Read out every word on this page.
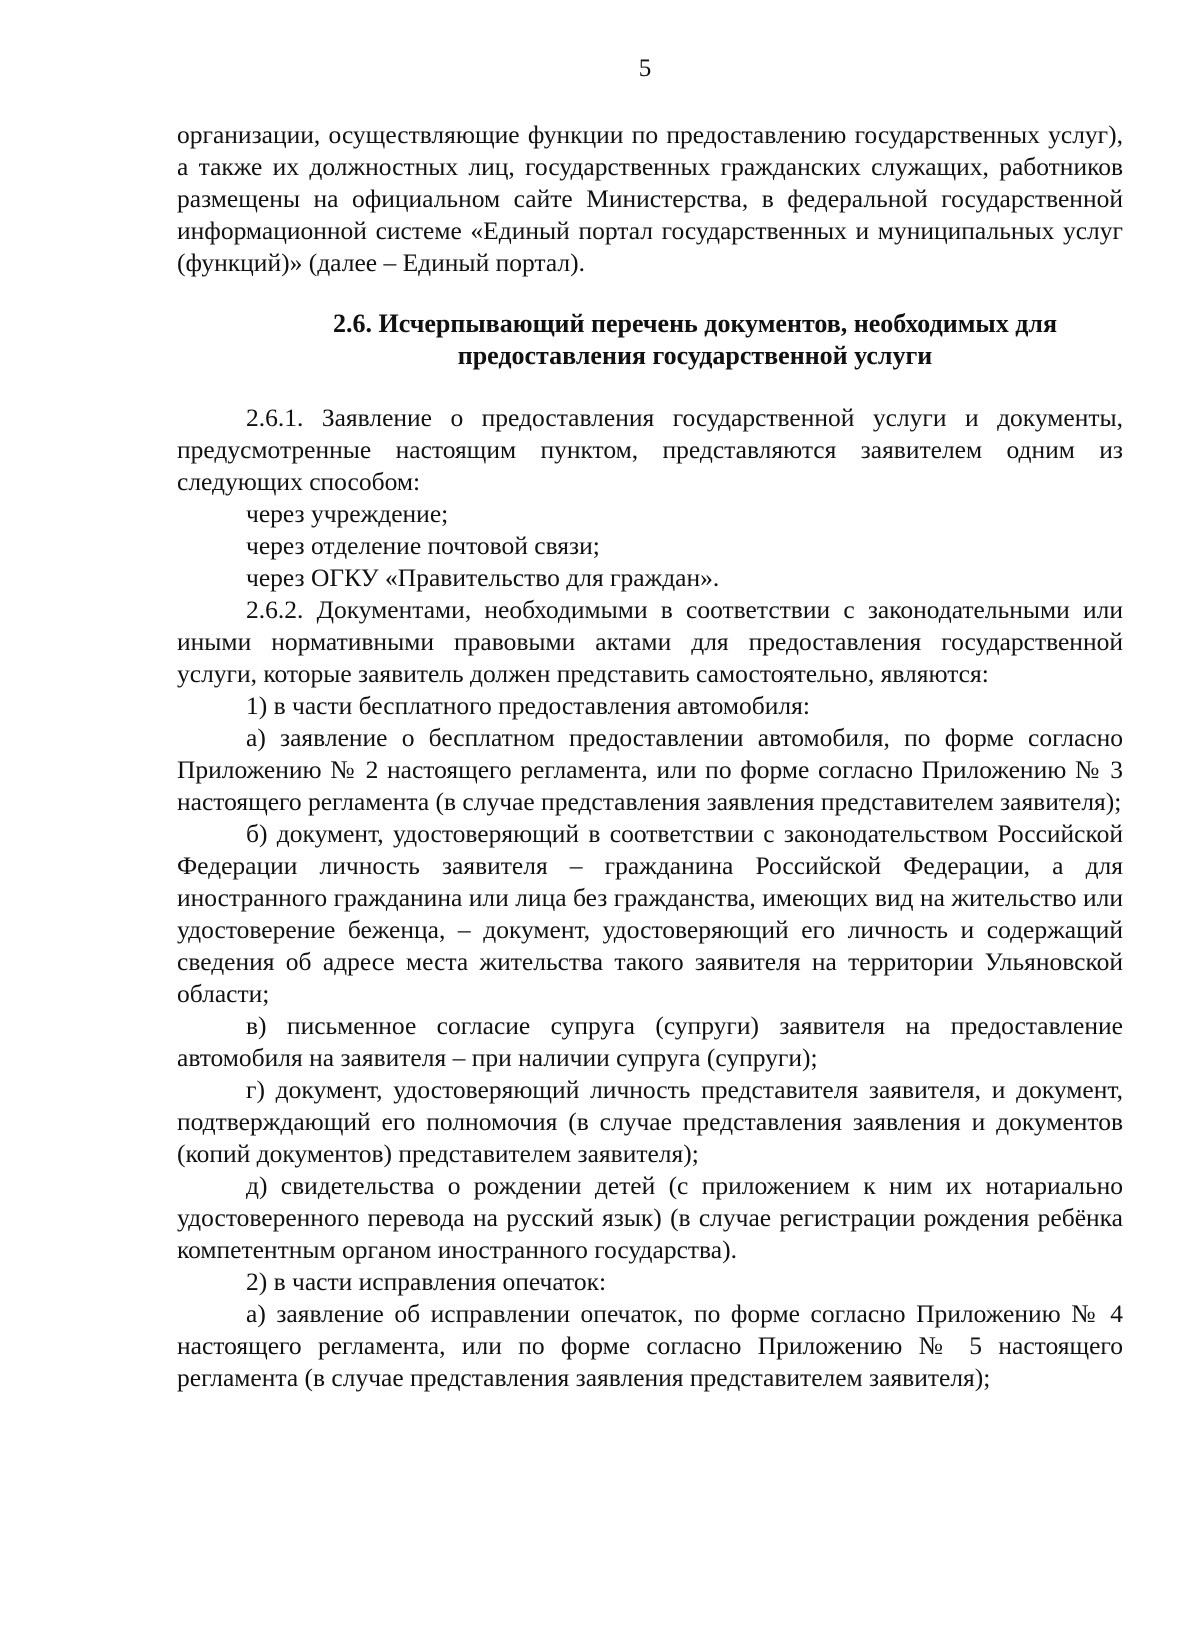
5

организации, осуществляющие функции по предоставлению государственных услуг), а также их должностных лиц, государственных гражданских служащих, работников размещены на официальном сайте Министерства, в федеральной государственной информационной системе «Единый портал государственных и муниципальных услуг (функций)» (далее – Единый портал).

2.6. Исчерпывающий перечень документов, необходимых для предоставления государственной услуги

2.6.1. Заявление о предоставления государственной услуги и документы, предусмотренные настоящим пунктом, представляются заявителем одним из следующих способом:

через учреждение;

через отделение почтовой связи;

через ОГКУ «Правительство для граждан».

2.6.2. Документами, необходимыми в соответствии с законодательными или иными нормативными правовыми актами для предоставления государственной услуги, которые заявитель должен представить самостоятельно, являются:

1) в части бесплатного предоставления автомобиля:

а) заявление о бесплатном предоставлении автомобиля, по форме согласно Приложению № 2 настоящего регламента, или по форме согласно Приложению № 3 настоящего регламента (в случае представления заявления представителем заявителя);

б) документ, удостоверяющий в соответствии с законодательством Российской Федерации личность заявителя – гражданина Российской Федерации, а для иностранного гражданина или лица без гражданства, имеющих вид на жительство или удостоверение беженца, – документ, удостоверяющий его личность и содержащий сведения об адресе места жительства такого заявителя на территории Ульяновской области;

в) письменное согласие супруга (супруги) заявителя на предоставление автомобиля на заявителя – при наличии супруга (супруги);

г) документ, удостоверяющий личность представителя заявителя, и документ, подтверждающий его полномочия (в случае представления заявления и документов (копий документов) представителем заявителя);

д) свидетельства о рождении детей (с приложением к ним их нотариально удостоверенного перевода на русский язык) (в случае регистрации рождения ребёнка компетентным органом иностранного государства).

2) в части исправления опечаток:

а) заявление об исправлении опечаток, по форме согласно Приложению № 4 настоящего регламента, или по форме согласно Приложению № 5 настоящего регламента (в случае представления заявления представителем заявителя);
